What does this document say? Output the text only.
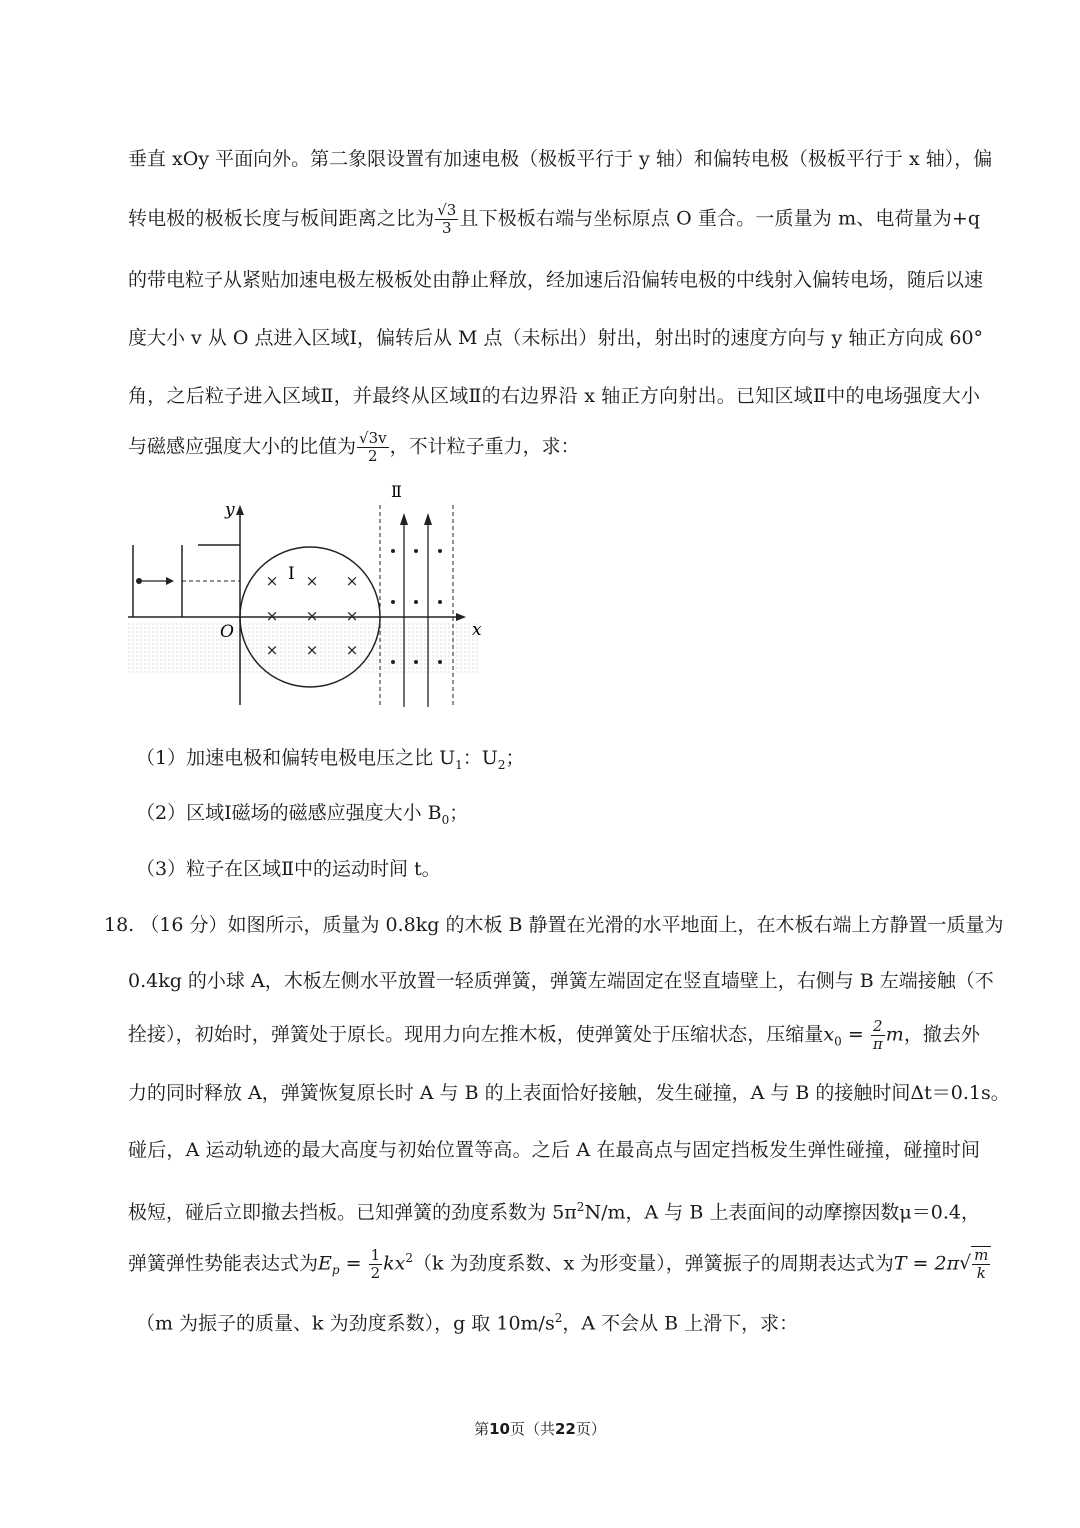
垂直 xOy 平面向外。第二象限设置有加速电极（极板平行于 y 轴）和偏转电极（极板平行于 x 轴），偏
转电极的极板长度与板间距离之比为 $\frac{√3}{3}$ 且下极板右端与坐标原点 O 重合。一质量为 m、电荷量为+q
的带电粒子从紧贴加速电极左极板处由静止释放，经加速后沿偏转电极的中线射入偏转电场，随后以速
度大小 v 从 O 点进入区域Ⅰ，偏转后从 M 点（未标出）射出，射出时的速度方向与 y 轴正方向成 60°
角，之后粒子进入区域Ⅱ，并最终从区域Ⅱ的右边界沿 x 轴正方向射出。已知区域Ⅱ中的电场强度大小
与磁感应强度大小的比值为 $\frac{√3v}{2}$ ，不计粒子重力，求：
y
x
O
Ⅰ
× × ×
× × ×
× × ×
Ⅱ
（1）加速电极和偏转电极电压之比 $U_1$：$U_2$；
（2）区域Ⅰ磁场的磁感应强度大小 $B_0$；
（3）粒子在区域Ⅱ中的运动时间 t。
18. （16 分）如图所示，质量为 0.8kg 的木板 B 静置在光滑的水平地面上，在木板右端上方静置一质量为
0.4kg 的小球 A，木板左侧水平放置一轻质弹簧，弹簧左端固定在竖直墙壁上，右侧与 B 左端接触（不
拴接），初始时，弹簧处于原长。现用力向左推木板，使弹簧处于压缩状态，压缩量$x_0 = \frac{2}{\pi}$ m，撤去外
力的同时释放 A，弹簧恢复原长时 A 与 B 的上表面恰好接触，发生碰撞，A 与 B 的接触时间Δt＝0.1s。
碰后，A 运动轨迹的最大高度与初始位置等高。之后 A 在最高点与固定挡板发生弹性碰撞，碰撞时间
极短，碰后立即撤去挡板。已知弹簧的劲度系数为 $5\pi^2N/m$，A 与 B 上表面间的动摩擦因数μ＝0.4，
弹簧弹性势能表达式为$E_p = \frac{1}{2} kx^2(k$ 为劲度系数、x 为形变量），弹簧振子的周期表达式为$T = 2\pi√ \frac{m}{k}$
（m 为振子的质量、k 为劲度系数），g 取 $10m/s^2$，A 不会从 B 上滑下，求：
第10页（共22页）
